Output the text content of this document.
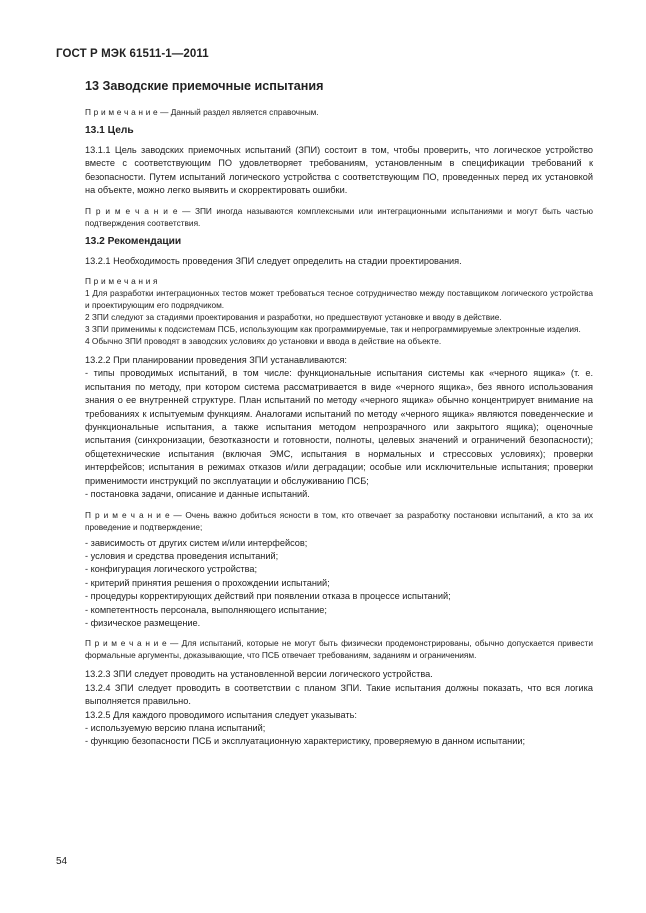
ГОСТ Р МЭК 61511-1—2011
13 Заводские приемочные испытания

П р и м е ч а н и е — Данный раздел является справочным.

13.1 Цель

13.1.1 Цель заводских приемочных испытаний (ЗПИ) состоит в том, чтобы проверить, что логическое устройство вместе с соответствующим ПО удовлетворяет требованиям, установленным в спецификации требований к безопасности. Путем испытаний логического устройства с соответствующим ПО, проведенных перед их установкой на объекте, можно легко выявить и скорректировать ошибки.

П р и м е ч а н и е — ЗПИ иногда называются комплексными или интеграционными испытаниями и могут быть частью подтверждения соответствия.

13.2 Рекомендации

13.2.1 Необходимость проведения ЗПИ следует определить на стадии проектирования.

П р и м е ч а н и я

1 Для разработки интеграционных тестов может требоваться тесное сотрудничество между поставщиком логического устройства и проектирующим его подрядчиком.

2 ЗПИ следуют за стадиями проектирования и разработки, но предшествуют установке и вводу в действие.

3 ЗПИ применимы к подсистемам ПСБ, использующим как программируемые, так и непрограммируемые электронные изделия.

4 Обычно ЗПИ проводят в заводских условиях до установки и ввода в действие на объекте.

13.2.2 При планировании проведения ЗПИ устанавливаются:

- типы проводимых испытаний, в том числе: функциональные испытания системы как «черного ящика» (т. е. испытания по методу, при котором система рассматривается в виде «черного ящика», без явного использования знания о ее внутренней структуре. План испытаний по методу «черного ящика» обычно концентрирует внимание на требованиях к испытуемым функциям. Аналогами испытаний по методу «черного ящика» являются поведенческие и функциональные испытания, а также испытания методом непрозрачного или закрытого ящика); оценочные испытания (синхронизации, безотказности и готовности, полноты, целевых значений и ограничений безопасности); общетехнические испытания (включая ЭМС, испытания в нормальных и стрессовых условиях); проверки интерфейсов; испытания в режимах отказов и/или деградации; особые или исключительные испытания; проверки применимости инструкций по эксплуатации и обслуживанию ПСБ;

- постановка задачи, описание и данные испытаний.

П р и м е ч а н и е — Очень важно добиться ясности в том, кто отвечает за разработку постановки испытаний, а кто за их проведение и подтверждение;

- зависимость от других систем и/или интерфейсов;

- условия и средства проведения испытаний;

- конфигурация логического устройства;

- критерий принятия решения о прохождении испытаний;

- процедуры корректирующих действий при появлении отказа в процессе испытаний;

- компетентность персонала, выполняющего испытание;

- физическое размещение.

П р и м е ч а н и е — Для испытаний, которые не могут быть физически продемонстрированы, обычно допускается привести формальные аргументы, доказывающие, что ПСБ отвечает требованиям, заданиям и ограничениям.

13.2.3 ЗПИ следует проводить на установленной версии логического устройства.

13.2.4 ЗПИ следует проводить в соответствии с планом ЗПИ. Такие испытания должны показать, что вся логика выполняется правильно.

13.2.5 Для каждого проводимого испытания следует указывать:

- используемую версию плана испытаний;

- функцию безопасности ПСБ и эксплуатационную характеристику, проверяемую в данном испытании;

54
